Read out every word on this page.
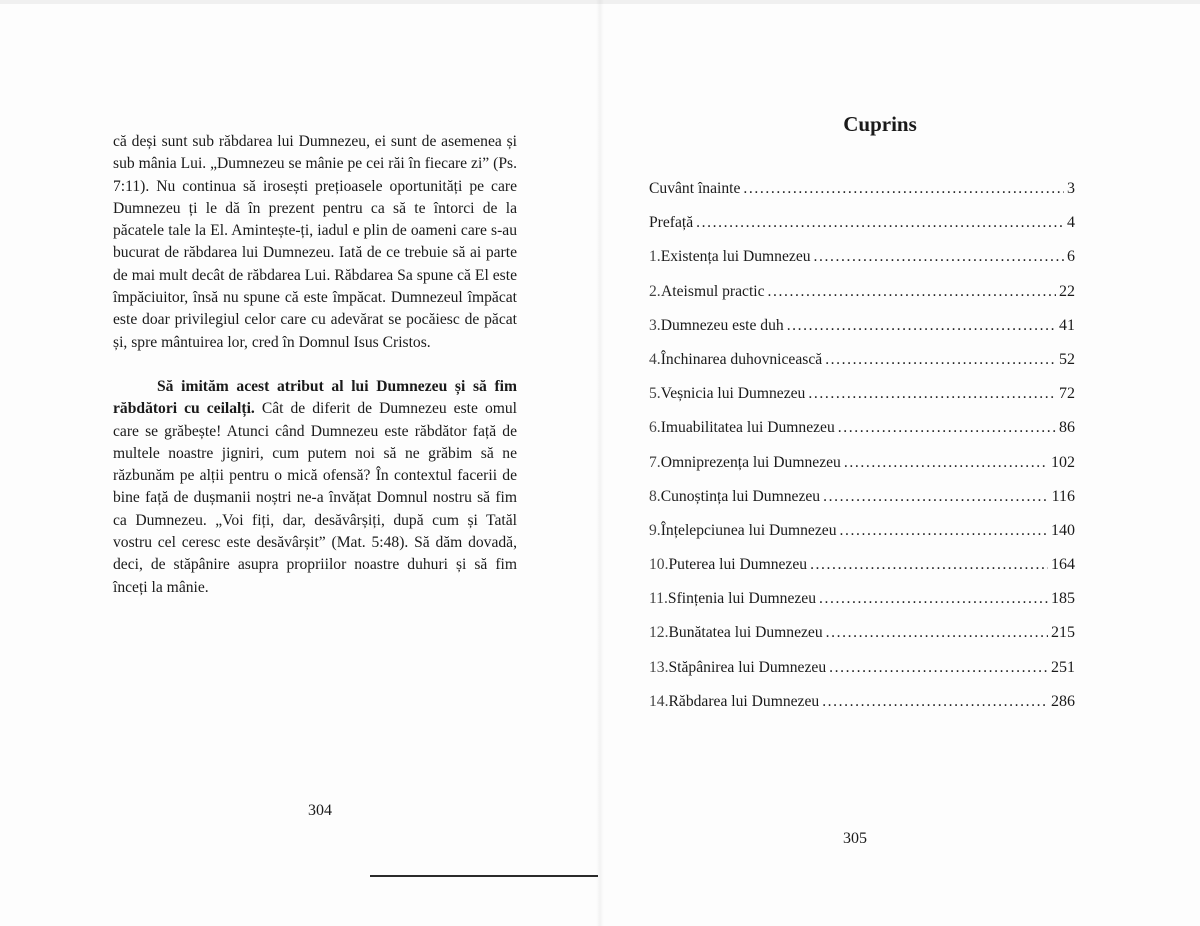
că deși sunt sub răbdarea lui Dumnezeu, ei sunt de asemenea și sub mânia Lui. „Dumnezeu se mânie pe cei răi în fiecare zi” (Ps. 7:11). Nu continua să irosești prețioasele oportunități pe care Dumnezeu ți le dă în prezent pentru ca să te întorci de la păcatele tale la El. Amintește-ți, iadul e plin de oameni care s-au bucurat de răbdarea lui Dumnezeu. Iată de ce trebuie să ai parte de mai mult decât de răbdarea Lui. Răbdarea Sa spune că El este împăciuitor, însă nu spune că este împăcat. Dumnezeul împăcat este doar privilegiul celor care cu adevărat se pocăiesc de păcat și, spre mântuirea lor, cred în Domnul Isus Cristos.

Să imităm acest atribut al lui Dumnezeu și să fim răbdători cu ceilalți. Cât de diferit de Dumnezeu este omul care se grăbește! Atunci când Dumnezeu este răbdător față de multele noastre jigniri, cum putem noi să ne grăbim să ne răzbunăm pe alții pentru o mică ofensă? În contextul facerii de bine față de dușmanii noștri ne-a învățat Domnul nostru să fim ca Dumnezeu. „Voi fiți, dar, desăvârșiți, după cum și Tatăl vostru cel ceresc este desăvârșit” (Mat. 5:48). Să dăm dovadă, deci, de stăpânire asupra propriilor noastre duhuri și să fim înceți la mânie.

304
Cuprins
Cuvânt înainte .....	3
Prefață .....	4
1. Existența lui Dumnezeu .....	6
2. Ateismul practic .....	22
3. Dumnezeu este duh .....	41
4. Închinarea duhovnicească .....	52
5. Veșnicia lui Dumnezeu .....	72
6. Imuabilitatea lui Dumnezeu .....	86
7. Omniprezența lui Dumnezeu .....	102
8. Cunoștința lui Dumnezeu .....	116
9. Înțelepciunea lui Dumnezeu .....	140
10. Puterea lui Dumnezeu .....	164
11. Sfințenia lui Dumnezeu .....	185
12. Bunătatea lui Dumnezeu .....	215
13. Stăpânirea lui Dumnezeu .....	251
14. Răbdarea lui Dumnezeu .....	286
305
